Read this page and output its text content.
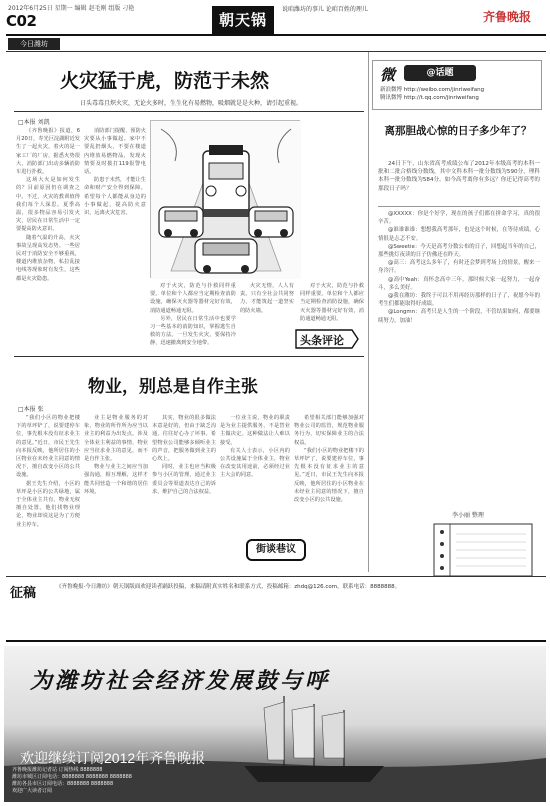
2012年6月25日 星期一 编辑 赵毛刚 组版 刁艳
C02
今日潍坊
朝天锅
说咱潍坊的事儿 论咱百姓的理儿
齐鲁晚报
火灾猛于虎，防范于未然
日头毒毒且炽火灾，无论火多时，生生化有易燃物，吸烟就是是火种，请引起重视。
□本报 刘凯

《齐鲁晚报》报道，6月20日，寿光巨淀湖附近发生了一起火灾，着火的是一家工厂的厂房，据悉火势很大，消防部门出动多辆消防车进行扑救。

这场大火是如何发生的？目前原因仍在调查之中。不过，火灾的教训值得我们每个人深思。夏季高温，很多物品容易引发火灾，居民在日常生活中一定要提高防火意识。

随着气温的升高，火灾事故呈现高发态势。一些居民对于消防安全不够重视，楼道内堆放杂物，私拉乱接电线等现象时有发生，这些都是火灾隐患。

消防部门提醒，预防火灾要从小事做起。家中不要乱扔烟头，不要在楼道内堆放易燃物品，发现火情要及时拨打119报警电话。

防患于未然，才能让生命和财产安全得到保障。希望每个人都能从身边的小事做起，提高防火意识，远离火灾危害。

对于火灾，防范与扑救同样重要。单位和个人都应当定期检查消防设施，确保灭火器等器材完好有效，消防通道畅通无阻。

另外，居民在日常生活中也要学习一些基本的消防知识，掌握逃生自救的方法。一旦发生火灾，要保持冷静，迅速撤离到安全地带。

火灾无情，人人有责。只有全社会共同努力，才能筑起一道坚实的防火墙。

对于火灾，防范与扑救同样重要。单位和个人都应当定期检查消防设施，确保灭火器等器材完好有效，消防通道畅通无阻。

头条评论
物业，别总是自作主张
□本报 张

“我们小区的物业把楼下的草坪铲了，说要建停车位，事先根本没有征求业主的意见。”近日，市民王先生向本报反映，他所居住的小区物业在未经业主同意的情况下，擅自改变小区的公共设施。

据王先生介绍，小区的草坪是小区的公共绿地，属于全体业主共有，物业无权擅自处置。他们找物业理论，物业却说这是为了方便业主停车。

业主是物业服务的对象，物业的所作所为应当以业主的利益为出发点。涉及全体业主利益的事情，物业应当征求业主的意见，而不是自作主张。

物业与业主之间应当加强沟通，相互理解，这样才能共同营造一个和谐的居住环境。

其实，物业的很多做法本意是好的，但由于缺乏沟通，往往好心办了坏事。希望物业公司能够多倾听业主的声音，把服务做到业主的心坎上。

同时，业主也应当积极参与小区的管理，通过业主委员会等渠道表达自己的诉求，维护自己的合法权益。

一位业主说，物业的职责是为业主提供服务，不是替业主做决定。这种做法让人难以接受。

有关人士表示，小区内的公共设施属于全体业主，物业在改变其用途前，必须经过业主大会的同意。

希望相关部门能够加强对物业公司的监管，规范物业服务行为，切实保障业主的合法权益。

“我们小区的物业把楼下的草坪铲了，说要建停车位，事先根本没有征求业主的意见。”近日，市民王先生向本报反映，他所居住的小区物业在未经业主同意的情况下，擅自改变小区的公共设施。

街谈巷议
微	@话题
新浪微博 http://weibo.com/jinriweifang
腾讯微博 http://t.qq.com/jinriweifang
离那胆战心惊的日子多少年了？

24日下午，山东省高考成绩公布了2012年本级高考的本科一批和二批合格线分数线，其中文科本科一批分数线为590分，理科本科一批分数线为584分。如今高考离你有多远？你还记得高考的那段日子吗？

@XXXXX：你是个好学，现在的孩子们都在拼命学习，真的很辛苦。

@谁谁谁谁：想想我高考那年，也是这个时候，在等待成绩，心情很是忐忑不安。

@Sweetie：今天是高考分数公布的日子，回想起当年的自己，那些挑灯夜读的日子仿佛还在昨天。

@高三：高考这么多年了，有时还会梦到考场上的情景，醒来一身冷汗。

@高中Yeah：真怀念高中三年，那时候大家一起努力，一起奋斗，多么美好。

@我在潍坊：我终于可以不用再经历那样的日子了，祝愿今年的考生们都能取得好成绩。

@Longmn：高考只是人生的一个阶段，不管结果如何，都要继续努力，加油！

李小丽 整理
征稿	《齐鲁晚报·今日潍坊》朝天锅版面欢迎读者踊跃投稿，来稿请附真实姓名和联系方式，投稿邮箱：zhdq@126.com，联系电话：8888888。
为潍坊社会经济发展鼓与呼
欢迎继续订阅2012年齐鲁晚报
齐鲁晚报潍坊记者站 订阅热线 8888888
潍坊市城区订阅电话：8888888 8888888 8888888
潍坊各县市区订阅电话：8888888 8888888
欢迎广大读者订阅
